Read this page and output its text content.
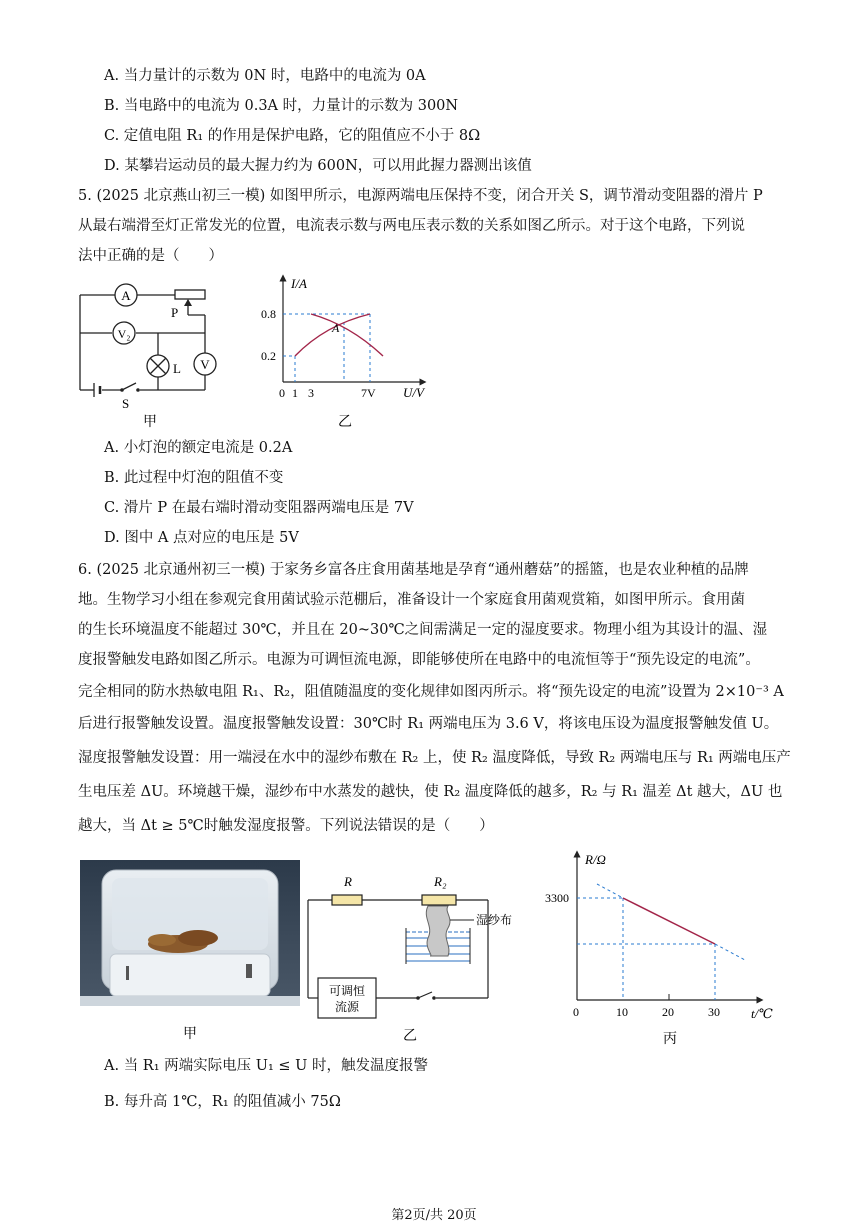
A. 当力量计的示数为 0N 时，电路中的电流为 0A
B. 当电路中的电流为 0.3A 时，力量计的示数为 300N
C. 定值电阻 R₁ 的作用是保护电路，它的阻值应不小于 8Ω
D. 某攀岩运动员的最大握力约为 600N，可以用此握力器测出该值
5. (2025 北京燕山初三一模) 如图甲所示，电源两端电压保持不变，闭合开关 S，调节滑动变阻器的滑片 P
从最右端滑至灯正常发光的位置，电流表示数与两电压表示数的关系如图乙所示。对于这个电路，下列说
法中正确的是（　　）
A
V₂
L V
P
S
甲
I/A
U/V
0.8
0.2
0 1 3	7V
A
乙
A. 小灯泡的额定电流是 0.2A
B. 此过程中灯泡的阻值不变
C. 滑片 P 在最右端时滑动变阻器两端电压是 7V
D. 图中 A 点对应的电压是 5V
6. (2025 北京通州初三一模) 于家务乡富各庄食用菌基地是孕育“通州蘑菇”的摇篮，也是农业种植的品牌
地。生物学习小组在参观完食用菌试验示范棚后，准备设计一个家庭食用菌观赏箱，如图甲所示。食用菌
的生长环境温度不能超过 30℃，并且在 20~30℃之间需满足一定的湿度要求。物理小组为其设计的温、湿
度报警触发电路如图乙所示。电源为可调恒流电源，即能够使所在电路中的电流恒等于“预先设定的电流”。
完全相同的防水热敏电阻 R₁、R₂，阻值随温度的变化规律如图丙所示。将“预先设定的电流”设置为 2×10⁻³ A
后进行报警触发设置。温度报警触发设置：30℃时 R₁ 两端电压为 3.6 V，将该电压设为温度报警触发值 U。
湿度报警触发设置：用一端浸在水中的湿纱布敷在 R₂ 上，使 R₂ 温度降低，导致 R₂ 两端电压与 R₁ 两端电压产
生电压差 ΔU。环境越干燥，湿纱布中水蒸发的越快，使 R₂ 温度降低的越多，R₂ 与 R₁ 温差 Δt 越大，ΔU 也
越大，当 Δt ≥ 5℃时触发湿度报警。下列说法错误的是（　　）
甲
R	R₂
湿纱布
可调恒
流源
乙
R/Ω
t/℃
3300
0	10	20	30
丙
A. 当 R₁ 两端实际电压 U₁ ≤ U 时，触发温度报警
B. 每升高 1℃，R₁ 的阻值减小 75Ω
第2页/共 20页
